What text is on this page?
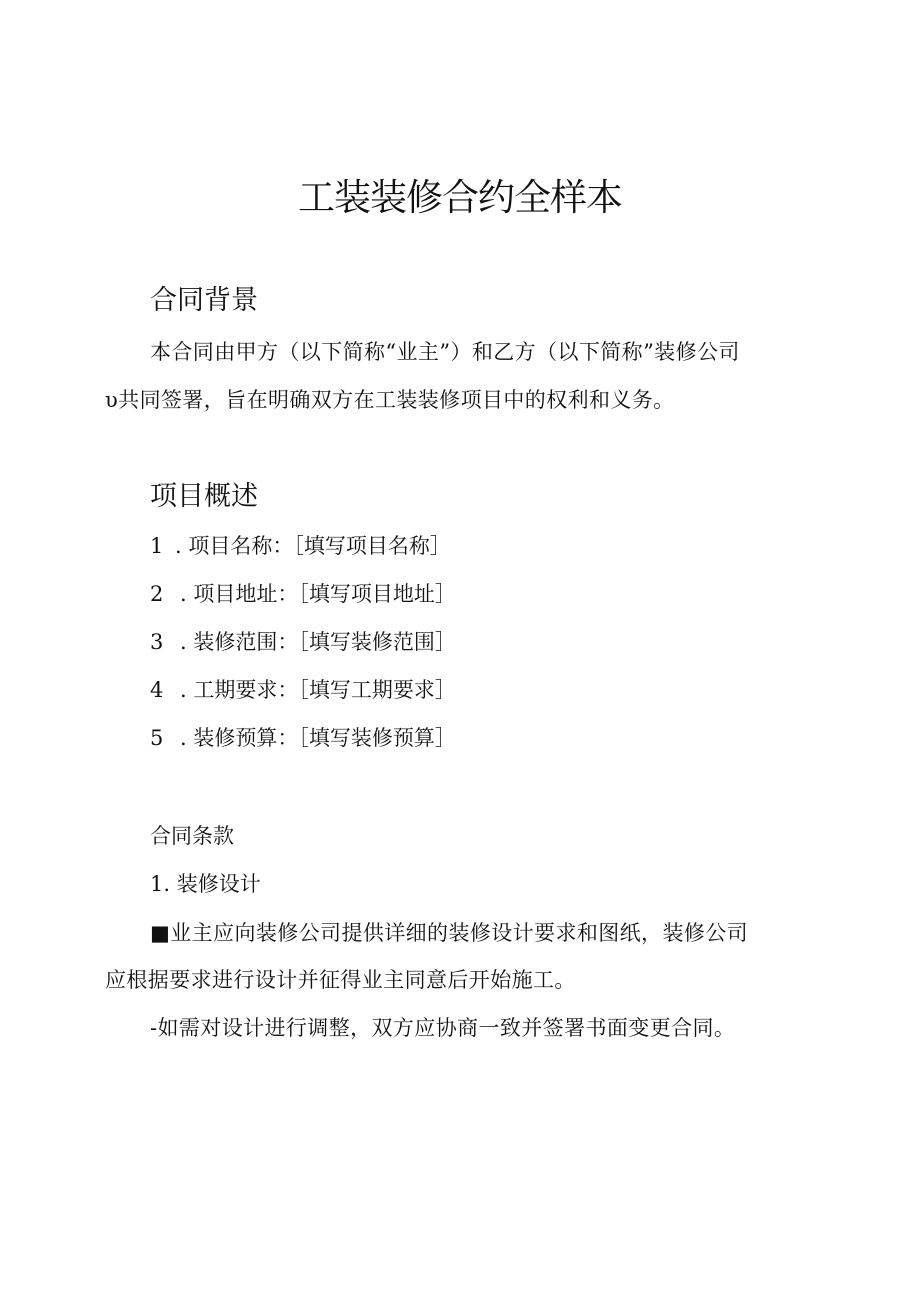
工装装修合约全样本
合同背景
本合同由甲方（以下简称“业主”）和乙方（以下简称”装修公司
υ共同签署，旨在明确双方在工装装修项目中的权利和义务。
项目概述
1 . 项目名称：［填写项目名称］
2 . 项目地址：［填写项目地址］
3 . 装修范围：［填写装修范围］
4 . 工期要求：［填写工期要求］
5 . 装修预算：［填写装修预算］
合同条款
1. 装修设计
■业主应向装修公司提供详细的装修设计要求和图纸，装修公司
应根据要求进行设计并征得业主同意后开始施工。
-如需对设计进行调整，双方应协商一致并签署书面变更合同。
